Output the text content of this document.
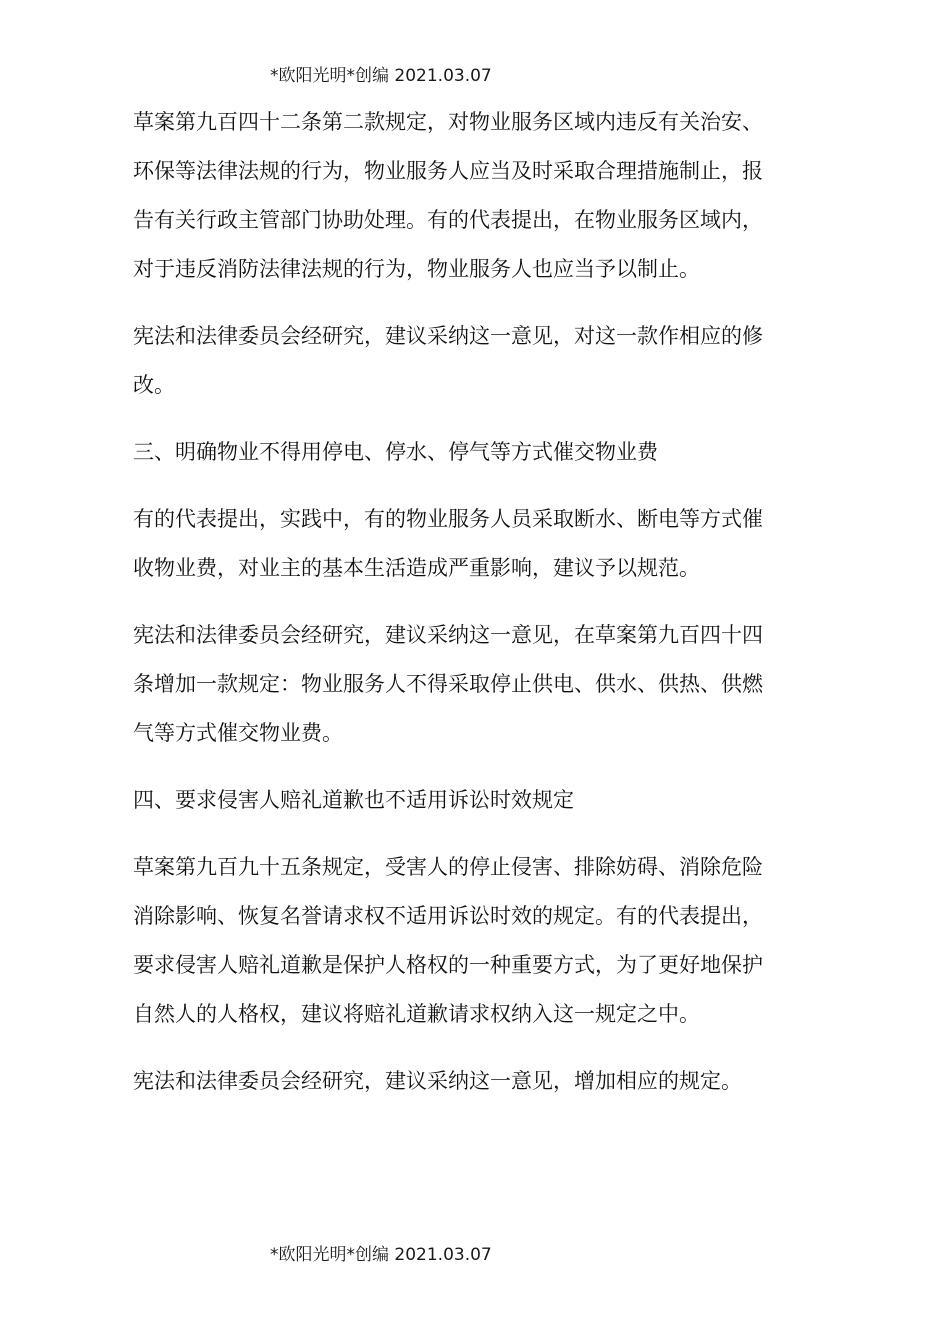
*欧阳光明*创编 2021.03.07

草案第九百四十二条第二款规定，对物业服务区域内违反有关治安、
环保等法律法规的行为，物业服务人应当及时采取合理措施制止，报
告有关行政主管部门协助处理。有的代表提出，在物业服务区域内，
对于违反消防法律法规的行为，物业服务人也应当予以制止。

宪法和法律委员会经研究，建议采纳这一意见，对这一款作相应的修
改。

三、明确物业不得用停电、停水、停气等方式催交物业费

有的代表提出，实践中，有的物业服务人员采取断水、断电等方式催
收物业费，对业主的基本生活造成严重影响，建议予以规范。

宪法和法律委员会经研究，建议采纳这一意见，在草案第九百四十四
条增加一款规定：物业服务人不得采取停止供电、供水、供热、供燃
气等方式催交物业费。

四、要求侵害人赔礼道歉也不适用诉讼时效规定

草案第九百九十五条规定，受害人的停止侵害、排除妨碍、消除危险
消除影响、恢复名誉请求权不适用诉讼时效的规定。有的代表提出，
要求侵害人赔礼道歉是保护人格权的一种重要方式，为了更好地保护
自然人的人格权，建议将赔礼道歉请求权纳入这一规定之中。

宪法和法律委员会经研究，建议采纳这一意见，增加相应的规定。

*欧阳光明*创编 2021.03.07
